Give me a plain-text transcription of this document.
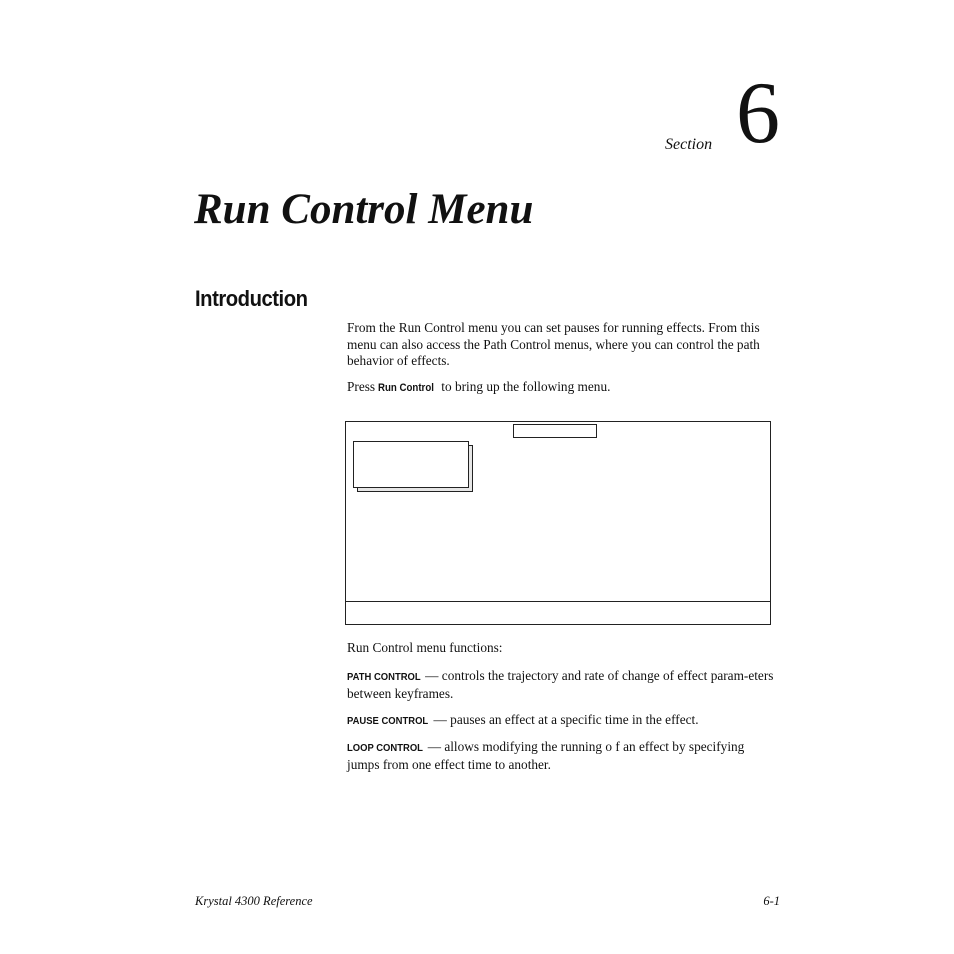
Section 6
Run Control Menu
Introduction
From the Run Control menu you can set pauses for running effects. From this menu can also access the Path Control menus, where you can control the path behavior of effects.
Press Run Control to bring up the following menu.
Run Control menu functions:
PATH CONTROL — controls the trajectory and rate of change of effect param-eters between keyframes.
PAUSE CONTROL — pauses an effect at a specific time in the effect.
LOOP CONTROL — allows modifying the running o f an effect by specifying jumps from one effect time to another.
Krystal 4300 Reference	6-1
